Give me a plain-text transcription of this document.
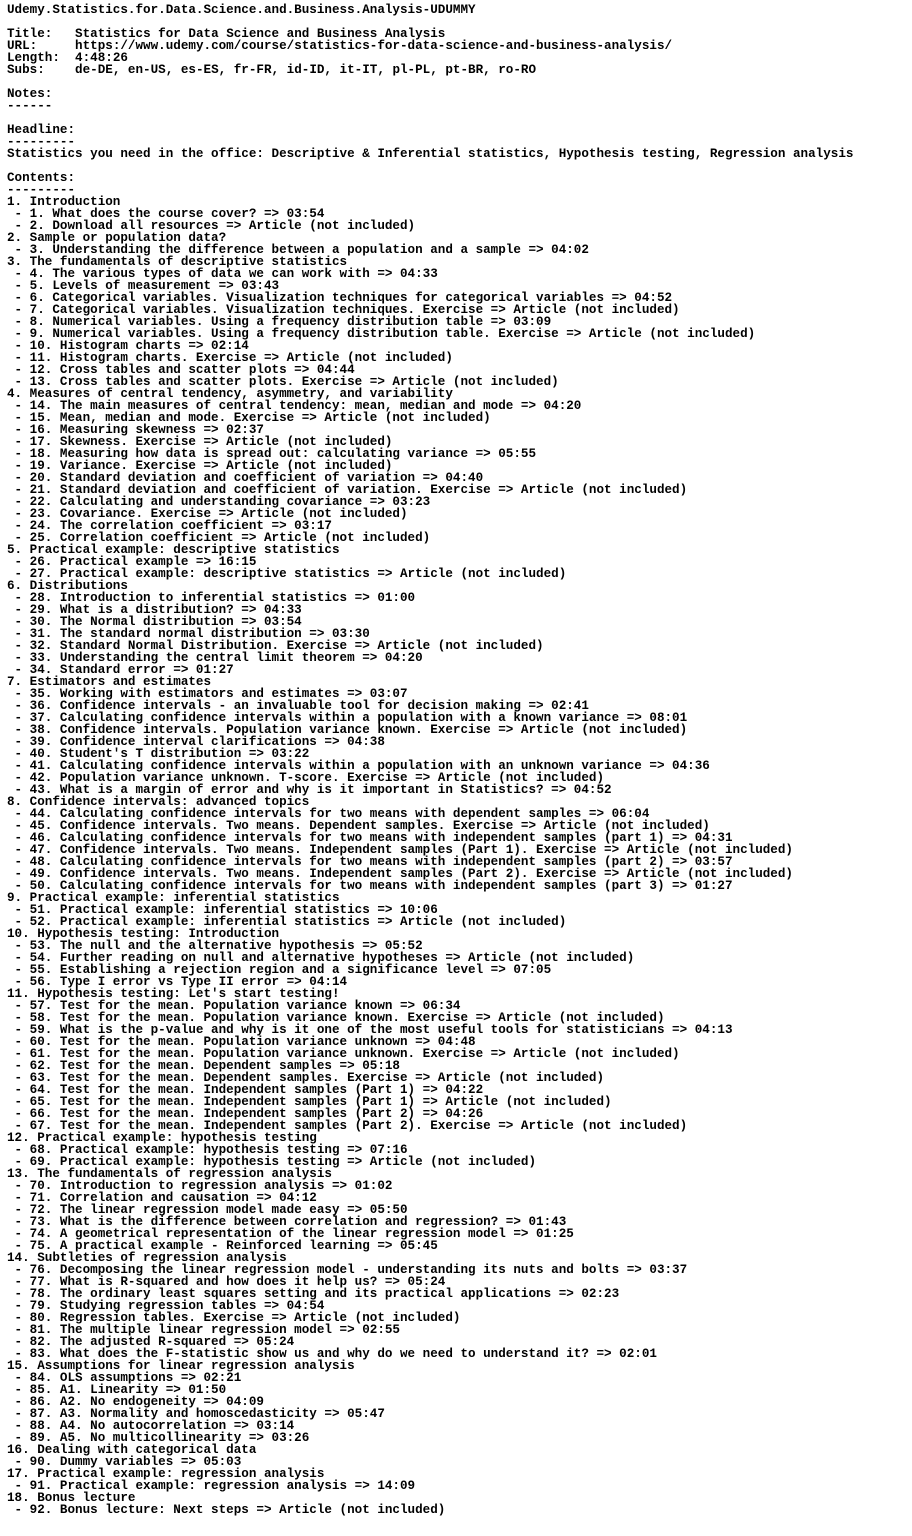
Udemy.Statistics.for.Data.Science.and.Business.Analysis-UDUMMY
Title: Statistics for Data Science and Business Analysis
URL:	https://www.udemy.com/course/statistics-for-data-science-and-business-analysis/
Length: 4:48:26
Subs: de-DE, en-US, es-ES, fr-FR, id-ID, it-IT, pl-PL, pt-BR, ro-RO
Notes:
------
Headline:
---------
Statistics you need in the office: Descriptive & Inferential statistics, Hypothesis testing, Regression analysis
Contents:
---------
1. Introduction
- 1. What does the course cover? => 03:54
- 2. Download all resources => Article (not included)
2. Sample or population data?
- 3. Understanding the difference between a population and a sample => 04:02
3. The fundamentals of descriptive statistics
- 4. The various types of data we can work with => 04:33
- 5. Levels of measurement => 03:43
- 6. Categorical variables. Visualization techniques for categorical variables => 04:52
- 7. Categorical variables. Visualization techniques. Exercise => Article (not included)
- 8. Numerical variables. Using a frequency distribution table => 03:09
- 9. Numerical variables. Using a frequency distribution table. Exercise => Article (not included)
- 10. Histogram charts => 02:14
- 11. Histogram charts. Exercise => Article (not included)
- 12. Cross tables and scatter plots => 04:44
- 13. Cross tables and scatter plots. Exercise => Article (not included)
4. Measures of central tendency, asymmetry, and variability
- 14. The main measures of central tendency: mean, median and mode => 04:20
- 15. Mean, median and mode. Exercise => Article (not included)
- 16. Measuring skewness => 02:37
- 17. Skewness. Exercise => Article (not included)
- 18. Measuring how data is spread out: calculating variance => 05:55
- 19. Variance. Exercise => Article (not included)
- 20. Standard deviation and coefficient of variation => 04:40
- 21. Standard deviation and coefficient of variation. Exercise => Article (not included)
- 22. Calculating and understanding covariance => 03:23
- 23. Covariance. Exercise => Article (not included)
- 24. The correlation coefficient => 03:17
- 25. Correlation coefficient => Article (not included)
5. Practical example: descriptive statistics
- 26. Practical example => 16:15
- 27. Practical example: descriptive statistics => Article (not included)
6. Distributions
- 28. Introduction to inferential statistics => 01:00
- 29. What is a distribution? => 04:33
- 30. The Normal distribution => 03:54
- 31. The standard normal distribution => 03:30
- 32. Standard Normal Distribution. Exercise => Article (not included)
- 33. Understanding the central limit theorem => 04:20
- 34. Standard error => 01:27
7. Estimators and estimates
- 35. Working with estimators and estimates => 03:07
- 36. Confidence intervals - an invaluable tool for decision making => 02:41
- 37. Calculating confidence intervals within a population with a known variance => 08:01
- 38. Confidence intervals. Population variance known. Exercise => Article (not included)
- 39. Confidence interval clarifications => 04:38
- 40. Student's T distribution => 03:22
- 41. Calculating confidence intervals within a population with an unknown variance => 04:36
- 42. Population variance unknown. T-score. Exercise => Article (not included)
- 43. What is a margin of error and why is it important in Statistics? => 04:52
8. Confidence intervals: advanced topics
- 44. Calculating confidence intervals for two means with dependent samples => 06:04
- 45. Confidence intervals. Two means. Dependent samples. Exercise => Article (not included)
- 46. Calculating confidence intervals for two means with independent samples (part 1) => 04:31
- 47. Confidence intervals. Two means. Independent samples (Part 1). Exercise => Article (not included)
- 48. Calculating confidence intervals for two means with independent samples (part 2) => 03:57
- 49. Confidence intervals. Two means. Independent samples (Part 2). Exercise => Article (not included)
- 50. Calculating confidence intervals for two means with independent samples (part 3) => 01:27
9. Practical example: inferential statistics
- 51. Practical example: inferential statistics => 10:06
- 52. Practical example: inferential statistics => Article (not included)
10. Hypothesis testing: Introduction
- 53. The null and the alternative hypothesis => 05:52
- 54. Further reading on null and alternative hypotheses => Article (not included)
- 55. Establishing a rejection region and a significance level => 07:05
- 56. Type I error vs Type II error => 04:14
11. Hypothesis testing: Let's start testing!
- 57. Test for the mean. Population variance known => 06:34
- 58. Test for the mean. Population variance known. Exercise => Article (not included)
- 59. What is the p-value and why is it one of the most useful tools for statisticians => 04:13
- 60. Test for the mean. Population variance unknown => 04:48
- 61. Test for the mean. Population variance unknown. Exercise => Article (not included)
- 62. Test for the mean. Dependent samples => 05:18
- 63. Test for the mean. Dependent samples. Exercise => Article (not included)
- 64. Test for the mean. Independent samples (Part 1) => 04:22
- 65. Test for the mean. Independent samples (Part 1) => Article (not included)
- 66. Test for the mean. Independent samples (Part 2) => 04:26
- 67. Test for the mean. Independent samples (Part 2). Exercise => Article (not included)
12. Practical example: hypothesis testing
- 68. Practical example: hypothesis testing => 07:16
- 69. Practical example: hypothesis testing => Article (not included)
13. The fundamentals of regression analysis
- 70. Introduction to regression analysis => 01:02
- 71. Correlation and causation => 04:12
- 72. The linear regression model made easy => 05:50
- 73. What is the difference between correlation and regression? => 01:43
- 74. A geometrical representation of the linear regression model => 01:25
- 75. A practical example - Reinforced learning => 05:45
14. Subtleties of regression analysis
- 76. Decomposing the linear regression model - understanding its nuts and bolts => 03:37
- 77. What is R-squared and how does it help us? => 05:24
- 78. The ordinary least squares setting and its practical applications => 02:23
- 79. Studying regression tables => 04:54
- 80. Regression tables. Exercise => Article (not included)
- 81. The multiple linear regression model => 02:55
- 82. The adjusted R-squared => 05:24
- 83. What does the F-statistic show us and why do we need to understand it? => 02:01
15. Assumptions for linear regression analysis
- 84. OLS assumptions => 02:21
- 85. A1. Linearity => 01:50
- 86. A2. No endogeneity => 04:09
- 87. A3. Normality and homoscedasticity => 05:47
- 88. A4. No autocorrelation => 03:14
- 89. A5. No multicollinearity => 03:26
16. Dealing with categorical data
- 90. Dummy variables => 05:03
17. Practical example: regression analysis
- 91. Practical example: regression analysis => 14:09
18. Bonus lecture
- 92. Bonus lecture: Next steps => Article (not included)
